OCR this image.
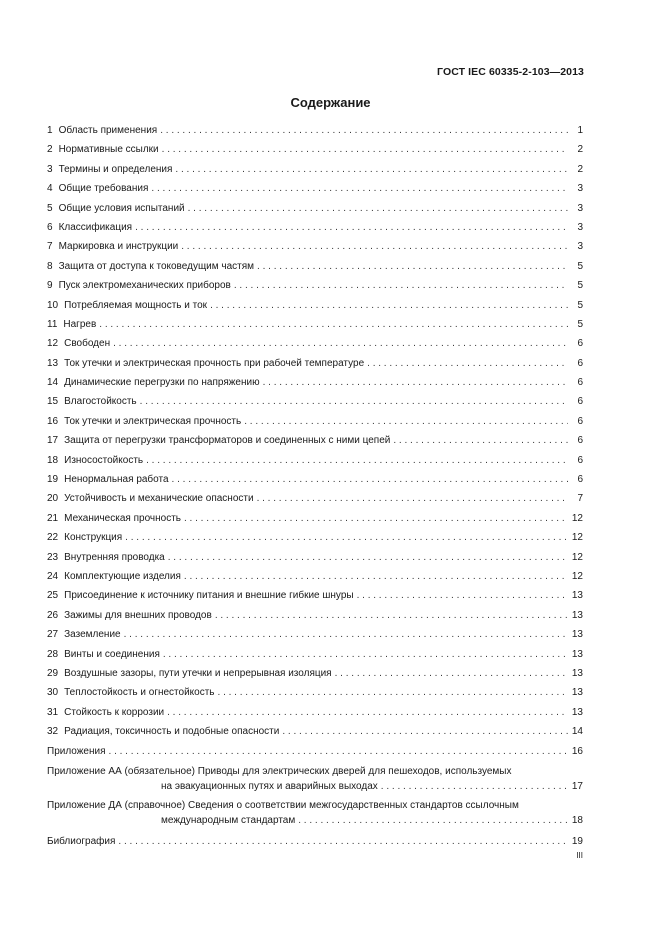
ГОСТ IEC 60335-2-103—2013
Содержание
1 Область применения . . .	1
2 Нормативные ссылки . . .	2
3 Термины и определения . . .	2
4 Общие требования . . .	3
5 Общие условия испытаний . . .	3
6 Классификация . . .	3
7 Маркировка и инструкции . . .	3
8 Защита от доступа к токоведущим частям . . .	5
9 Пуск электромеханических приборов . . .	5
10 Потребляемая мощность и ток . . .	5
11 Нагрев . . .	5
12 Свободен . . .	6
13 Ток утечки и электрическая прочность при рабочей температуре . . .	6
14 Динамические перегрузки по напряжению . . .	6
15 Влагостойкость . . .	6
16 Ток утечки и электрическая прочность . . .	6
17 Защита от перегрузки трансформаторов и соединенных с ними цепей . . .	6
18 Износостойкость . . .	6
19 Ненормальная работа . . .	6
20 Устойчивость и механические опасности . . .	7
21 Механическая прочность . . .	12
22 Конструкция . . .	12
23 Внутренняя проводка . . .	12
24 Комплектующие изделия . . .	12
25 Присоединение к источнику питания и внешние гибкие шнуры . . .	13
26 Зажимы для внешних проводов . . .	13
27 Заземление . . .	13
28 Винты и соединения . . .	13
29 Воздушные зазоры, пути утечки и непрерывная изоляция . . .	13
30 Теплостойкость и огнестойкость . . .	13
31 Стойкость к коррозии . . .	13
32 Радиация, токсичность и подобные опасности . . .	14
Приложения . . .	16
Приложение АА (обязательное) Приводы для электрических дверей для пешеходов, используемых
на эвакуационных путях и аварийных выходах . . .	17
Приложение ДА (справочное) Сведения о соответствии межгосударственных стандартов ссылочным
международным стандартам . . .	18
Библиография . . .	19
III
